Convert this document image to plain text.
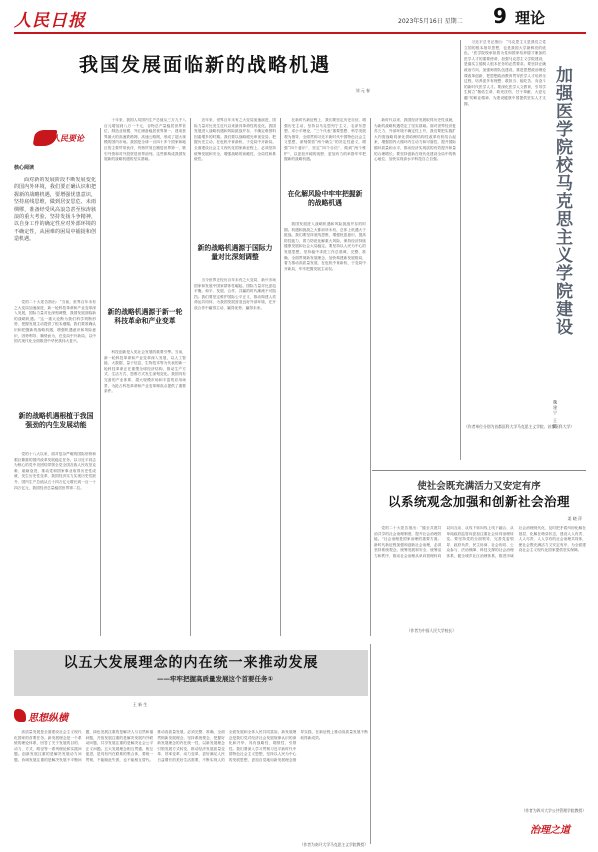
人民日报	2023年5月16日 星期二 9 理论
我国发展面临新的战略机遇
刘 元 春
人民要论
核心阅读
面对新的发展阶段不断发展变化的国内外环境，我们要正确认识和把握新的战略机遇，要增强忧患意识，坚持底线思维，做到居安思危、未雨绸缪，准备经受风高浪急甚至惊涛骇浪的重大考验，坚持发扬斗争精神，以自身工作的确定性应对外部环境的不确定性，从困难的困局中捕捉和创造机遇。
党的二十大报告指出：“当前，世界百年未有之大变局加速演进，新一轮科技革命和产业变革深入发展，国际力量对比深刻调整，我国发展面临新的战略机遇。”这一重大论断为我们科学判断形势、把握发展主动提供了根本遵循。我们要准确认识和把握新的战略机遇，增强机遇意识和风险意识，因势利导、顺势而为，在变局中开新局，以中国式现代化全面推进中华民族伟大复兴。
新的战略机遇根植于我国强劲的内生发展动能
党的十八大以来，面对复杂严峻的国际形势和艰巨繁重的国内改革发展稳定任务，以习近平同志为核心的党中央团结带领全党全国各族人民攻坚克难、砥砺奋进，推动党和国家事业取得历史性成就、发生历史性变革，我国经济实力实现历史性跃升，国内生产总值从五十四万亿元增长到一百一十四万亿元，我国经济总量稳居世界第二位。
十年来，我国人均国内生产总值从三万九千八百元增加到八万一千元，谷物总产量稳居世界首位，制造业规模、外汇储备稳居世界第一，建成世界最大的高速铁路网、高速公路网，形成了超大规模的国内市场。我国是全球一百四十多个国家和地区的主要贸易伙伴，货物贸易总额居世界第一，吸引外资和对外投资居世界前列。这些都构成我国发展新的战略机遇的坚实基础。
新的战略机遇源于新一轮科技革命和产业变革
科技创新是人类社会发展的重要引擎。当前，新一轮科技革命和产业变革深入发展，以人工智能、大数据、量子信息、生物技术等为代表的新一轮科技革命正在重塑全球经济结构，推动生产方式、生活方式、思维方式发生深刻变化。我国具有完备的产业体系、超大规模市场和丰富的应用场景，为抢占科技革命和产业变革制高点提供了重要条件。
近年来，世界百年未有之大变局加速演进，国际力量对比发生近代以来最具革命性的变化。我国发展进入战略机遇和风险挑战并存、不确定难预料因素增多的时期。我们要以战略眼光审视变局，把握历史主动，在危机中育新机、于变局中开新局。全面建设社会主义现代化国家新征程上，必须坚持统筹发展和安全，增强战略的前瞻性、全局性和系统性。
新的战略机遇源于国际力量对比深刻调整
当今世界正经历百年未有之大变局，新兴市场国家和发展中国家群体性崛起，国际力量对比更趋平衡。和平、发展、合作、共赢的时代潮流不可阻挡。我们要坚定维护国际公平正义，推动构建人类命运共同体，为我国发展营造良好外部环境，在开放合作中赢得主动、赢得优势、赢得未来。
在新时代新征程上，我们要坚定历史自信、增强历史主动，坚持以马克思列宁主义、毛泽东思想、邓小平理论、“三个代表”重要思想、科学发展观为指导，全面贯彻习近平新时代中国特色社会主义思想，深刻领悟“两个确立”的决定性意义，增强“四个意识”、坚定“四个自信”、做到“两个维护”，以更加开阔的视野、更加有力的举措牢牢把握新的战略机遇。
在化解风险中牢牢把握新的战略机遇
我国发展进入战略机遇和风险挑战并存的时期。机遇和挑战之大都前所未有，总体上机遇大于挑战。我们要坚持底线思维，增强忧患意识，提高防控能力，着力防范化解重大风险，保持经济持续健康发展和社会大局稳定。要坚持以人民为中心的发展思想，坚持稳中求进工作总基调，完整、准确、全面贯彻新发展理念，加快构建新发展格局，着力推动高质量发展，在危机中育新机、于变局中开新局，牢牢把握发展主动权。
新时代以来，我国经济发展取得历史性成就，为新的战略机遇奠定了坚实基础。面对世界经济复苏乏力、外部环境不确定性上升，我们要把实施扩大内需战略同深化供给侧结构性改革有机结合起来，增强国内大循环内生动力和可靠性，提升国际循环质量和水平，推动经济实现质的有效提升和量的合理增长。要坚持创新在现代化建设全局中的核心地位，加快实现高水平科技自立自强。
（作者为中国人民大学校长）
习近平总书记指出：“马克思主义是我们立党立国的根本指导思想，也是我国大学最鲜亮的底色。”医学院校承担着为党和国家培养德才兼备的医学人才的重要使命，加强马克思主义学院建设，是落实立德树人根本任务的必然要求。要坚持正确政治方向，加强师资队伍建设，推进思想政治理论课改革创新，把思想政治教育贯穿医学人才培养全过程，培养更多有理想、敢担当、能吃苦、肯奋斗的新时代医学人才。要深化医学人文教育，引导学生树立“敬佑生命、救死扶伤、甘于奉献、大爱无疆”的职业精神，为建设健康中国提供坚实人才支撑。	加强医学院校马克思主义学院建设
魏 建 宁　王 皓
（作者单位分别为首都医科大学马克思主义学院、首都医科大学）
使社会既充满活力又安定有序
以系统观念加强和创新社会治理
姜 晓 萍
党的二十大报告指出：“健全共建共治共享的社会治理制度，提升社会治理效能。”社会治理是国家治理的重要方面。新时代新征程加强和创新社会治理，必须坚持系统观念，统筹发展和安全，统筹活力和秩序，推动社会治理从单向管理转向双向互动、从线下转向线上线下融合、从单纯政府监管向更加注重社会协同治理转变。要坚持党的全面领导，完善党委领导、政府负责、民主协商、社会协同、公众参与、法治保障、科技支撑的社会治理体系，健全城乡社区治理体系，推进市域社会治理现代化，及时把矛盾纠纷化解在基层、化解在萌芽状态，建设人人有责、人人尽责、人人享有的社会治理共同体，使社会既充满活力又安定有序，为全面建设社会主义现代化国家提供坚实保障。
（作者为四川大学公共管理学院教授）
治理之道
以五大发展理念的内在统一来推动发展
——牢牢把握高质量发展这个首要任务①
王 新 生
思想纵横
高质量发展是全面建设社会主义现代化国家的首要任务。新发展理念是一个系统的理论体系，回答了关于发展的目的、动力、方式、路径等一系列理论和实践问题。创新发展注重的是解决发展动力问题，协调发展注重的是解决发展不平衡问题，绿色发展注重的是解决人与自然和谐问题，开放发展注重的是解决发展内外联动问题，共享发展注重的是解决社会公平正义问题。五大发展理念相互贯通、相互促进，是具有内在联系的集合体，要统一贯彻，不能顾此失彼，也不能相互替代。推动高质量发展，必须完整、准确、全面贯彻新发展理念，坚持系统观念，把握好新发展理念的内在统一性，以新发展理念引领发展方式转变，推动经济发展质量变革、效率变革、动力变革，更好满足人民日益增长的美好生活需要，不断实现人的全面发展和全体人民共同富裕。新发展理念是我们党对经济社会发展规律认识的深化和升华，具有战略性、纲领性、引领性。我们要深入学习贯彻习近平新时代中国特色社会主义思想，坚持以人民为中心的发展思想，更加自觉地用新发展理念指导实践，在新征程上推动高质量发展不断取得新成效。
（作者为南开大学马克思主义学院教授）
